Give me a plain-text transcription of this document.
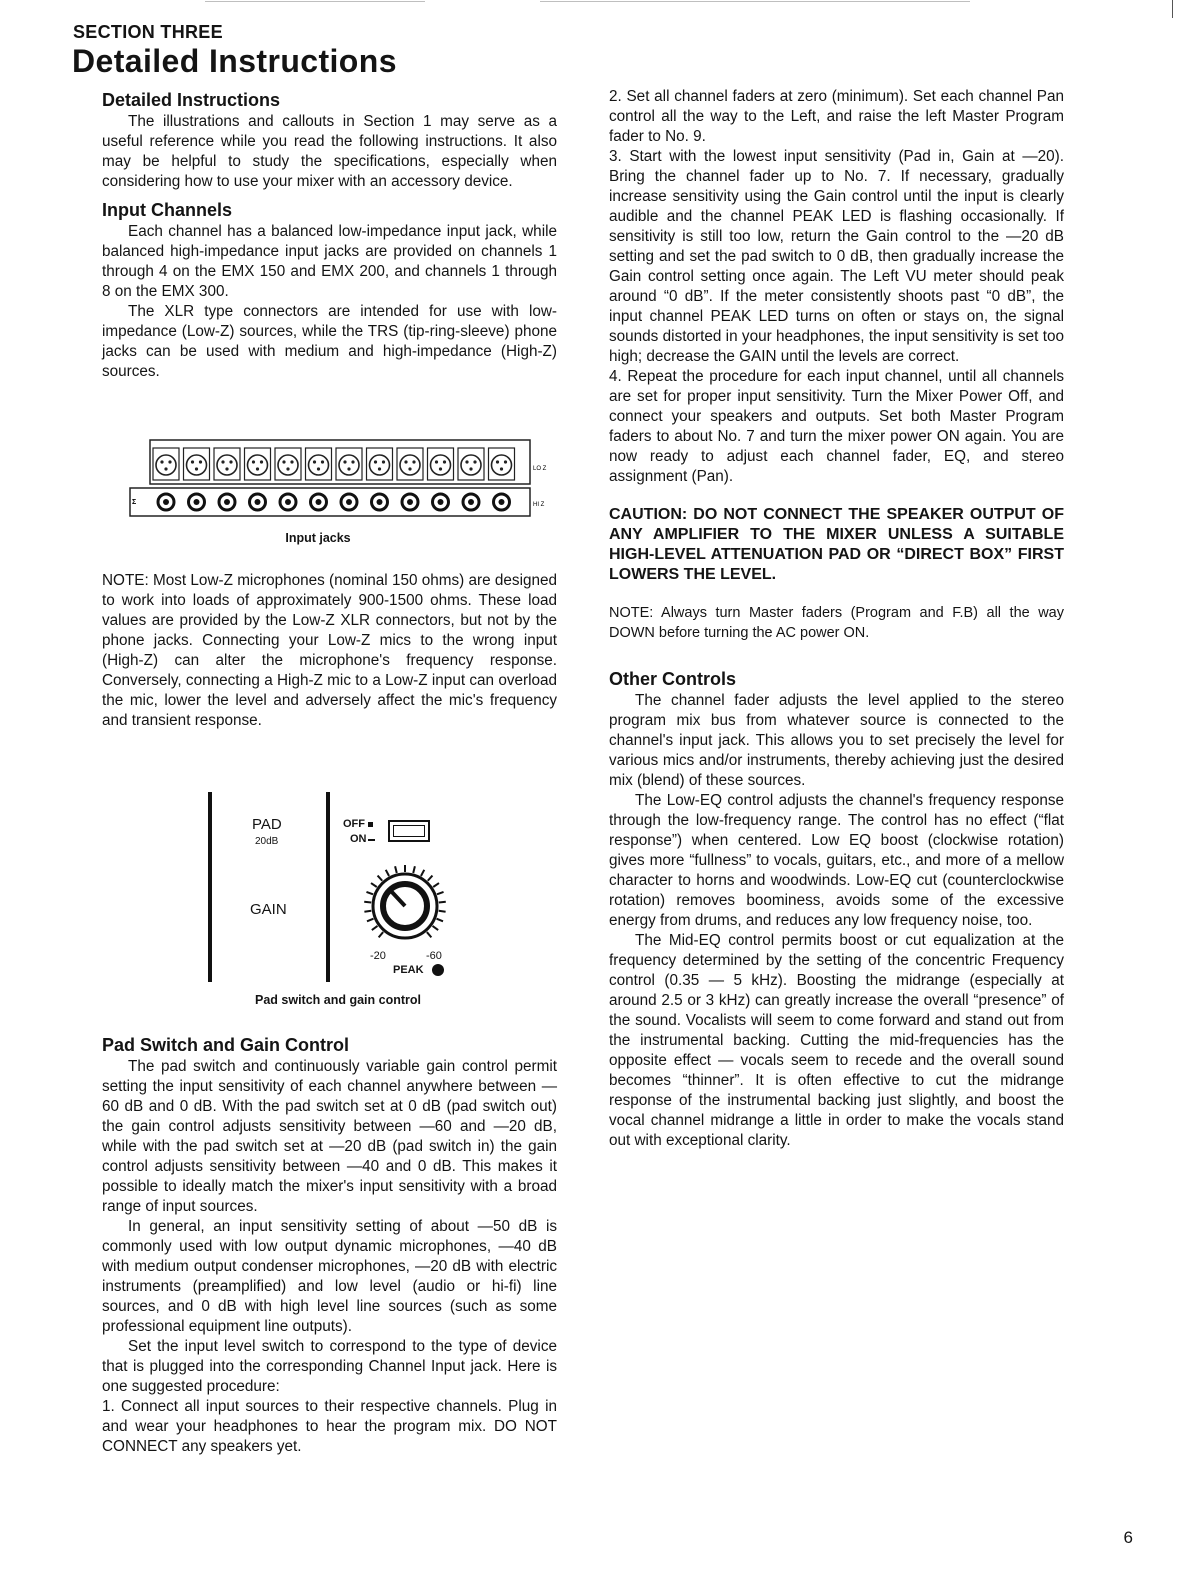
SECTION THREE
Detailed Instructions
Detailed Instructions

The illustrations and callouts in Section 1 may serve as a useful reference while you read the following instructions. It also may be helpful to study the specifications, especially when considering how to use your mixer with an accessory device.

Input Channels

Each channel has a balanced low-impedance input jack, while balanced high-impedance input jacks are provided on channels 1 through 4 on the EMX 150 and EMX 200, and channels 1 through 8 on the EMX 300.

The XLR type connectors are intended for use with low-impedance (Low-Z) sources, while the TRS (tip-ring-sleeve) phone jacks can be used with medium and high-impedance (High-Z) sources.

LO Z
HI Z
Σ
Input jacks

NOTE: Most Low-Z microphones (nominal 150 ohms) are designed to work into loads of approximately 900-1500 ohms. These load values are provided by the Low-Z XLR connectors, but not by the phone jacks. Connecting your Low-Z mics to the wrong input (High-Z) can alter the microphone's frequency response. Conversely, connecting a High-Z mic to a Low-Z input can overload the mic, lower the level and adversely affect the mic's frequency and transient response.

PAD
20dB
GAIN
OFF
ON
-20	-60
PEAK
Pad switch and gain control
Pad Switch and Gain Control

The pad switch and continuously variable gain control permit setting the input sensitivity of each channel anywhere between —60 dB and 0 dB. With the pad switch set at 0 dB (pad switch out) the gain control adjusts sensitivity between —60 and —20 dB, while with the pad switch set at —20 dB (pad switch in) the gain control adjusts sensitivity between —40 and 0 dB. This makes it possible to ideally match the mixer's input sensitivity with a broad range of input sources.

In general, an input sensitivity setting of about —50 dB is commonly used with low output dynamic microphones, —40 dB with medium output condenser microphones, —20 dB with electric instruments (preamplified) and low level (audio or hi-fi) line sources, and 0 dB with high level line sources (such as some professional equipment line outputs).

Set the input level switch to correspond to the type of device that is plugged into the corresponding Channel Input jack. Here is one suggested procedure:

1. Connect all input sources to their respective channels. Plug in and wear your headphones to hear the program mix. DO NOT CONNECT any speakers yet.

2. Set all channel faders at zero (minimum). Set each channel Pan control all the way to the Left, and raise the left Master Program fader to No. 9.

3. Start with the lowest input sensitivity (Pad in, Gain at —20). Bring the channel fader up to No. 7. If necessary, gradually increase sensitivity using the Gain control until the input is clearly audible and the channel PEAK LED is flashing occasionally. If sensitivity is still too low, return the Gain control to the —20 dB setting and set the pad switch to 0 dB, then gradually increase the Gain control setting once again. The Left VU meter should peak around “0 dB”. If the meter consistently shoots past “0 dB”, the input channel PEAK LED turns on often or stays on, the signal sounds distorted in your headphones, the input sensitivity is set too high; decrease the GAIN until the levels are correct.

4. Repeat the procedure for each input channel, until all channels are set for proper input sensitivity. Turn the Mixer Power Off, and connect your speakers and outputs. Set both Master Program faders to about No. 7 and turn the mixer power ON again. You are now ready to adjust each channel fader, EQ, and stereo assignment (Pan).

CAUTION: DO NOT CONNECT THE SPEAKER OUTPUT OF ANY AMPLIFIER TO THE MIXER UNLESS A SUITABLE HIGH-LEVEL ATTENUATION PAD OR “DIRECT BOX” FIRST LOWERS THE LEVEL.

NOTE: Always turn Master faders (Program and F.B) all the way DOWN before turning the AC power ON.

Other Controls

The channel fader adjusts the level applied to the stereo program mix bus from whatever source is connected to the channel's input jack. This allows you to set precisely the level for various mics and/or instruments, thereby achieving just the desired mix (blend) of these sources.

The Low-EQ control adjusts the channel's frequency response through the low-frequency range. The control has no effect (“flat response”) when centered. Low EQ boost (clockwise rotation) gives more “fullness” to vocals, guitars, etc., and more of a mellow character to horns and woodwinds. Low-EQ cut (counterclockwise rotation) removes boominess, avoids some of the excessive energy from drums, and reduces any low frequency noise, too.

The Mid-EQ control permits boost or cut equalization at the frequency determined by the setting of the concentric Frequency control (0.35 — 5 kHz). Boosting the midrange (especially at around 2.5 or 3 kHz) can greatly increase the overall “presence” of the sound. Vocalists will seem to come forward and stand out from the instrumental backing. Cutting the mid-frequencies has the opposite effect — vocals seem to recede and the overall sound becomes “thinner”. It is often effective to cut the midrange response of the instrumental backing just slightly, and boost the vocal channel midrange a little in order to make the vocals stand out with exceptional clarity.

6
